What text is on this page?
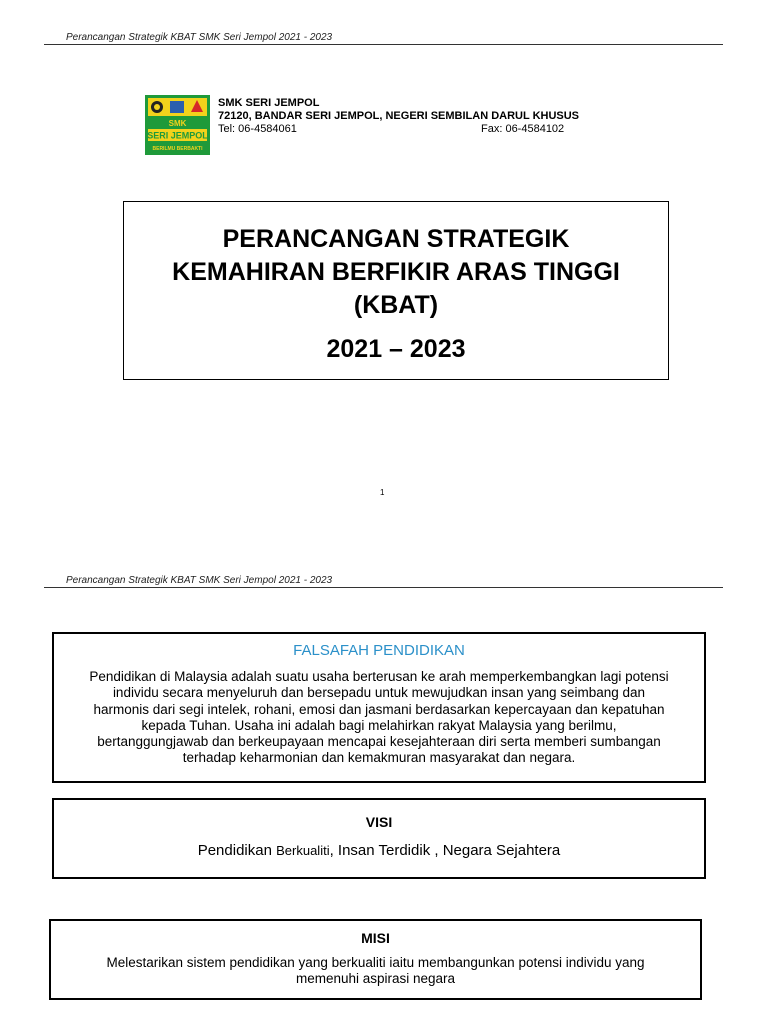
Perancangan Strategik KBAT SMK Seri Jempol 2021 - 2023
SMK
SERI JEMPOL
BERILMU BERBAKTI
SMK SERI JEMPOL
72120, BANDAR SERI JEMPOL, NEGERI SEMBILAN DARUL KHUSUS
Tel: 06-4584061	Fax: 06-4584102
PERANCANGAN STRATEGIK
KEMAHIRAN BERFIKIR ARAS TINGGI
(KBAT)
2021 – 2023
1
Perancangan Strategik KBAT SMK Seri Jempol 2021 - 2023
FALSAFAH PENDIDIKAN
Pendidikan di Malaysia adalah suatu usaha berterusan ke arah memperkembangkan lagi potensi
individu secara menyeluruh dan bersepadu untuk mewujudkan insan yang seimbang dan
harmonis dari segi intelek, rohani, emosi dan jasmani berdasarkan kepercayaan dan kepatuhan
kepada Tuhan. Usaha ini adalah bagi melahirkan rakyat Malaysia yang berilmu,
bertanggungjawab dan berkeupayaan mencapai kesejahteraan diri serta memberi sumbangan
terhadap keharmonian dan kemakmuran masyarakat dan negara.
VISI
Pendidikan Berkualiti, Insan Terdidik , Negara Sejahtera
MISI
Melestarikan sistem pendidikan yang berkualiti iaitu membangunkan potensi individu yang
memenuhi aspirasi negara
